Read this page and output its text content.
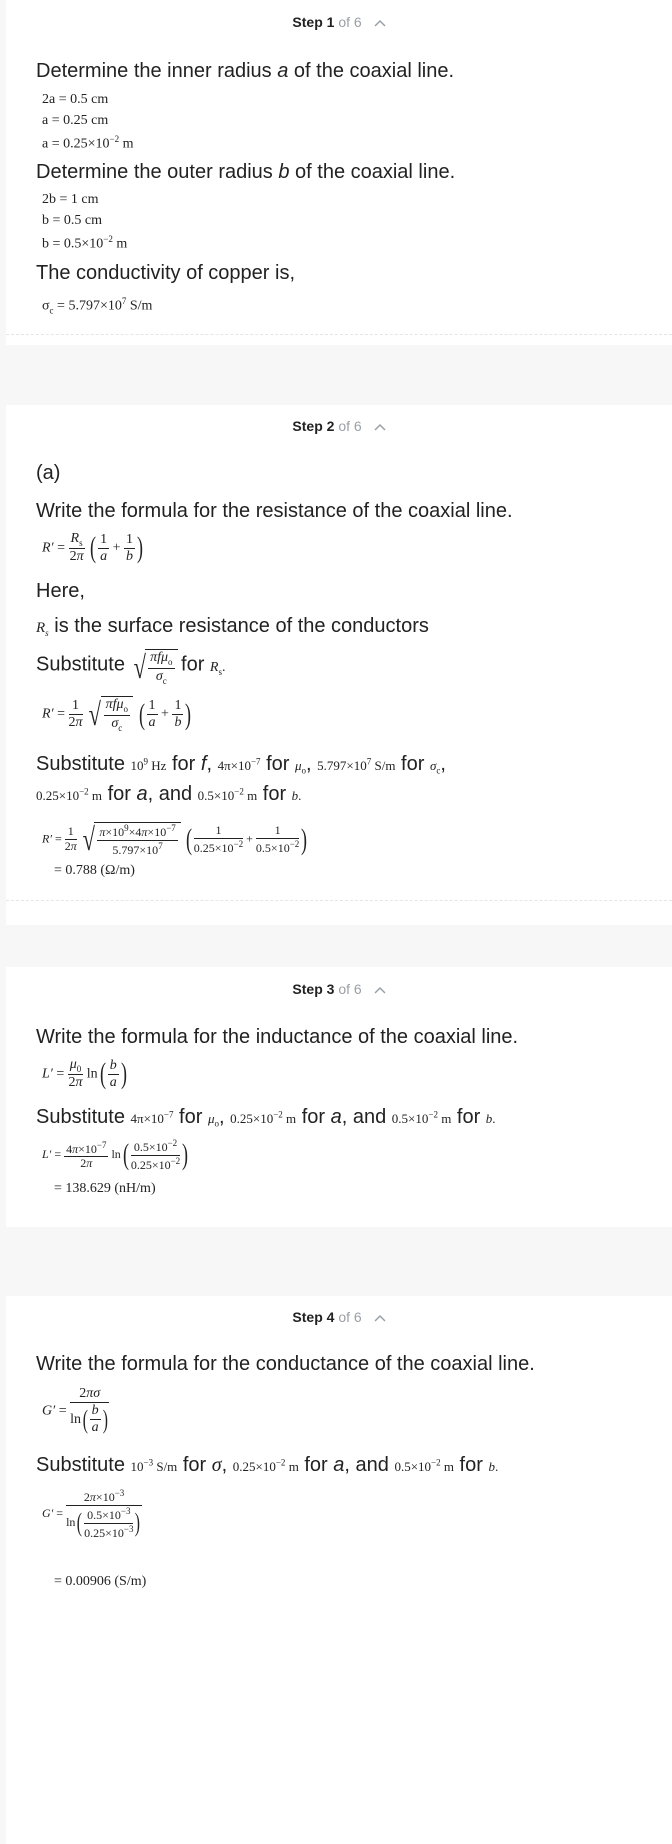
Step 1 of 6
Determine the inner radius a of the coaxial line.
2a = 0.5 cm
a = 0.25 cm
$a = 0.25\times 10^{-2}$ m
Determine the outer radius b of the coaxial line.
2b = 1 cm
b = 0.5 cm
$b = 0.5\times 10^{-2}$ m
The conductivity of copper is,
$\sigma_c = 5.797\times 10^7$ S/m
Step 2 of 6
(a)
Write the formula for the resistance of the coaxial line.
$R' = \frac{R_s}{2\pi}$ ( $\frac{1}{a} + \frac{1}{b}$ )
Here,
$R_s$ is the surface resistance of the conductors
Substitute √ $\frac{\pi f\mu_o}{\sigma_c}$ for $R_s$.
$R' = \frac{1}{2\pi}$ √ $\frac{\pi f\mu_o}{\sigma_c}$ ( $\frac{1}{a} + \frac{1}{b}$ )
Substitute $10^9$ Hz for f, $4\pi\times 10^{-7}$ for $\mu_o$, $5.797\times 10^7$ S/m for $\sigma_c$,
$0.25\times 10^{-2}$ m for a, and $0.5\times 10^{-2}$ m for b.
$R' = \frac{1}{2\pi}$ √ $\frac{\pi\times 10^9\times 4\pi\times 10^{-7}}{5.797\times 10^7}$ ( $\frac{1}{0.25\times 10^{-2}} + \frac{1}{0.5\times 10^{-2}}$ )
= 0.788 (Ω/m)
Step 3 of 6
Write the formula for the inductance of the coaxial line.
$L' = \frac{\mu_0}{2\pi} \ln( \frac{b}{a}$ )
Substitute $4\pi\times 10^{-7}$ for $\mu_o$, $0.25\times 10^{-2}$ m for a, and $0.5\times 10^{-2}$ m for b.
$L' = \frac{4\pi\times 10^{-7}}{2\pi} \ln( \frac{0.5\times 10^{-2}}{0.25\times 10^{-2}}$ )
= 138.629 (nH/m)
Step 4 of 6
Write the formula for the conductance of the coaxial line.
$G' = \frac{2\pi\sigma}{\ln( \frac{b}{a} )}$
Substitute $10^{-3}$ S/m for σ, $0.25\times 10^{-2}$ m for a, and $0.5\times 10^{-2}$ m for b.
$G' = \frac{2\pi\times 10^{-3}}{\ln( \frac{0.5\times 10^{-3}}{0.25\times 10^{-3}} )}$
= 0.00906 (S/m)
